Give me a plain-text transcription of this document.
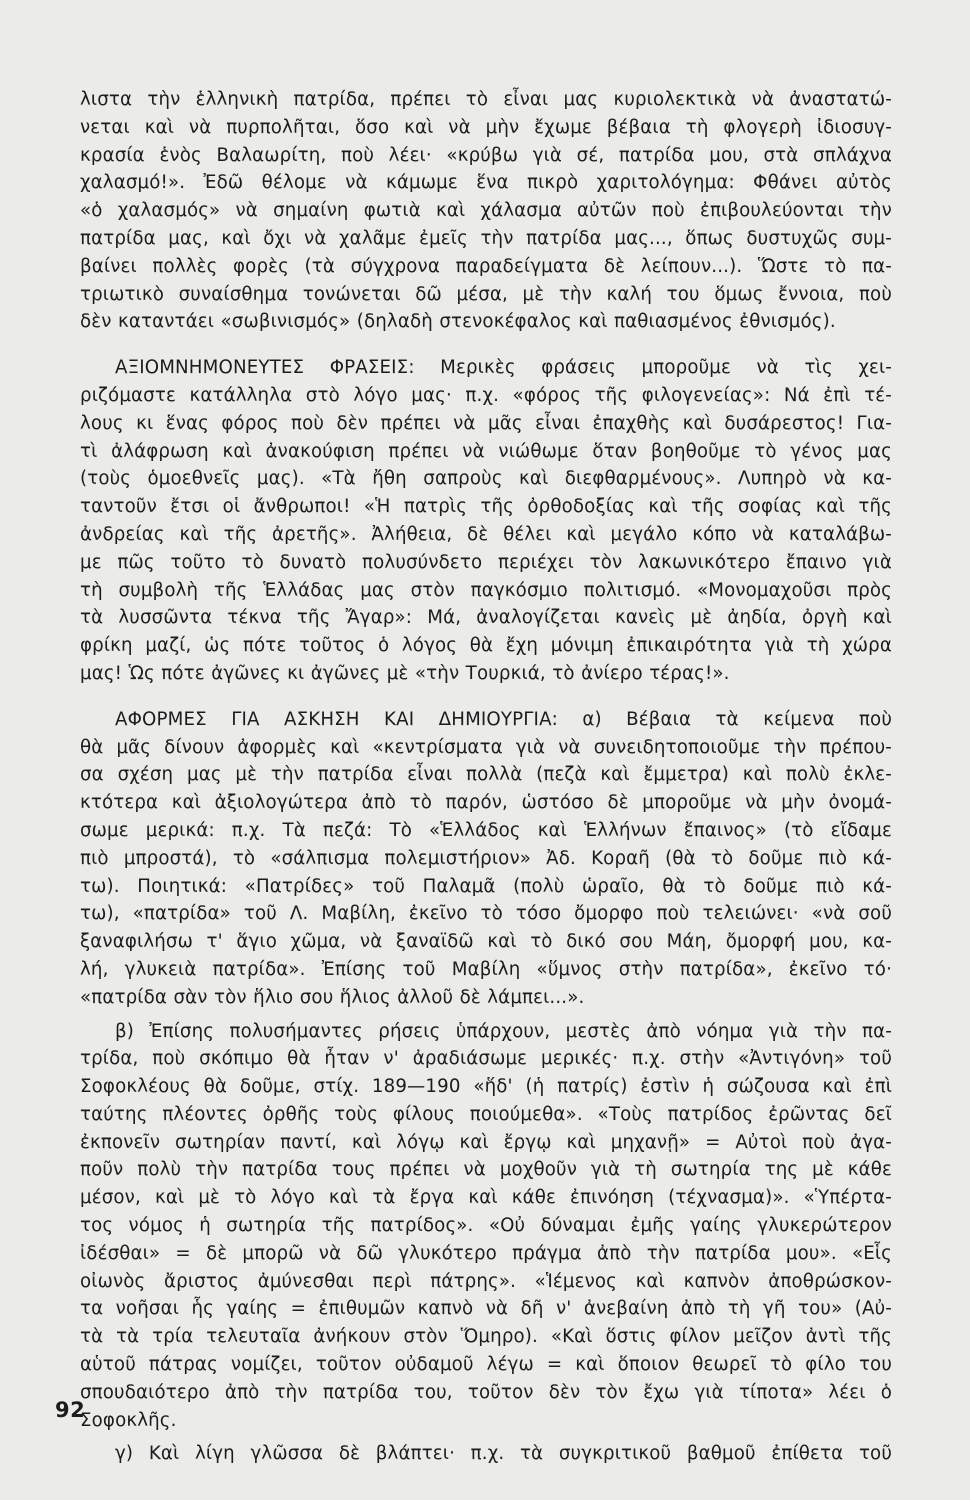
λιστα τὴν ἑλληνικὴ πατρίδα, πρέπει τὸ εἶναι μας κυριολεκτικὰ νὰ ἀναστατώ-
νεται καὶ νὰ πυρπολῆται, ὅσο καὶ νὰ μὴν ἔχωμε βέβαια τὴ φλογερὴ ἰδιοσυγ-
κρασία ἑνὸς Βαλαωρίτη, ποὺ λέει· «κρύβω γιὰ σέ, πατρίδα μου, στὰ σπλάχνα
χαλασμό!». Ἐδῶ θέλομε νὰ κάμωμε ἕνα πικρὸ χαριτολόγημα: Φθάνει αὐτὸς
«ὁ χαλασμός» νὰ σημαίνη φωτιὰ καὶ χάλασμα αὐτῶν ποὺ ἐπιβουλεύονται τὴν
πατρίδα μας, καὶ ὄχι νὰ χαλᾶμε ἐμεῖς τὴν πατρίδα μας..., ὅπως δυστυχῶς συμ-
βαίνει πολλὲς φορὲς (τὰ σύγχρονα παραδείγματα δὲ λείπουν...). Ὥστε τὸ πα-
τριωτικὸ συναίσθημα τονώνεται δῶ μέσα, μὲ τὴν καλή του ὅμως ἔννοια, ποὺ
δὲν καταντάει «σωβινισμός» (δηλαδὴ στενοκέφαλος καὶ παθιασμένος ἐθνισμός).
ΑΞΙΟΜΝΗΜΟΝΕΥΤΕΣ ΦΡΑΣΕΙΣ: Μερικὲς φράσεις μποροῦμε νὰ τὶς χει-
ριζόμαστε κατάλληλα στὸ λόγο μας· π.χ. «φόρος τῆς φιλογενείας»: Νά ἐπὶ τέ-
λους κι ἕνας φόρος ποὺ δὲν πρέπει νὰ μᾶς εἶναι ἐπαχθὴς καὶ δυσάρεστος! Για-
τὶ ἀλάφρωση καὶ ἀνακούφιση πρέπει νὰ νιώθωμε ὅταν βοηθοῦμε τὸ γένος μας
(τοὺς ὁμοεθνεῖς μας). «Τὰ ἤθη σαπροὺς καὶ διεφθαρμένους». Λυπηρὸ νὰ κα-
ταντοῦν ἔτσι οἱ ἄνθρωποι! «Ἡ πατρὶς τῆς ὀρθοδοξίας καὶ τῆς σοφίας καὶ τῆς
ἀνδρείας καὶ τῆς ἀρετῆς». Ἀλήθεια, δὲ θέλει καὶ μεγάλο κόπο νὰ καταλάβω-
με πῶς τοῦτο τὸ δυνατὸ πολυσύνδετο περιέχει τὸν λακωνικότερο ἔπαινο γιὰ
τὴ συμβολὴ τῆς Ἑλλάδας μας στὸν παγκόσμιο πολιτισμό. «Μονομαχοῦσι πρὸς
τὰ λυσσῶντα τέκνα τῆς Ἄγαρ»: Μά, ἀναλογίζεται κανεὶς μὲ ἀηδία, ὀργὴ καὶ
φρίκη μαζί, ὡς πότε τοῦτος ὁ λόγος θὰ ἔχη μόνιμη ἐπικαιρότητα γιὰ τὴ χώρα
μας! Ὡς πότε ἀγῶνες κι ἀγῶνες μὲ «τὴν Τουρκιά, τὸ ἀνίερο τέρας!».
ΑΦΟΡΜΕΣ ΓΙΑ ΑΣΚΗΣΗ ΚΑΙ ΔΗΜΙΟΥΡΓΙΑ: α) Βέβαια τὰ κείμενα ποὺ
θὰ μᾶς δίνουν ἀφορμὲς καὶ «κεντρίσματα γιὰ νὰ συνειδητοποιοῦμε τὴν πρέπου-
σα σχέση μας μὲ τὴν πατρίδα εἶναι πολλὰ (πεζὰ καὶ ἔμμετρα) καὶ πολὺ ἐκλε-
κτότερα καὶ ἀξιολογώτερα ἀπὸ τὸ παρόν, ὡστόσο δὲ μποροῦμε νὰ μὴν ὀνομά-
σωμε μερικά: π.χ. Τὰ πεζά: Τὸ «Ἑλλάδος καὶ Ἑλλήνων ἔπαινος» (τὸ εἴδαμε
πιὸ μπροστά), τὸ «σάλπισμα πολεμιστήριον» Ἀδ. Κοραῆ (θὰ τὸ δοῦμε πιὸ κά-
τω). Ποιητικά: «Πατρίδες» τοῦ Παλαμᾶ (πολὺ ὡραῖο, θὰ τὸ δοῦμε πιὸ κά-
τω), «πατρίδα» τοῦ Λ. Μαβίλη, ἐκεῖνο τὸ τόσο ὄμορφο ποὺ τελειώνει· «νὰ σοῦ
ξαναφιλήσω τ' ἅγιο χῶμα, νὰ ξαναϊδῶ καὶ τὸ δικό σου Μάη, ὄμορφή μου, κα-
λή, γλυκειὰ πατρίδα». Ἐπίσης τοῦ Μαβίλη «ὕμνος στὴν πατρίδα», ἐκεῖνο τό·
«πατρίδα σὰν τὸν ἥλιο σου ἥλιος ἀλλοῦ δὲ λάμπει...».
β) Ἐπίσης πολυσήμαντες ρήσεις ὑπάρχουν, μεστὲς ἀπὸ νόημα γιὰ τὴν πα-
τρίδα, ποὺ σκόπιμο θὰ ἦταν ν' ἀραδιάσωμε μερικές· π.χ. στὴν «Ἀντιγόνη» τοῦ
Σοφοκλέους θὰ δοῦμε, στίχ. 189—190 «ἥδ' (ἡ πατρίς) ἐστὶν ἡ σώζουσα καὶ ἐπὶ
ταύτης πλέοντες ὀρθῆς τοὺς φίλους ποιούμεθα». «Τοὺς πατρίδος ἐρῶντας δεῖ
ἐκπονεῖν σωτηρίαν παντί, καὶ λόγῳ καὶ ἔργῳ καὶ μηχανῇ» = Αὐτοὶ ποὺ ἀγα-
ποῦν πολὺ τὴν πατρίδα τους πρέπει νὰ μοχθοῦν γιὰ τὴ σωτηρία της μὲ κάθε
μέσον, καὶ μὲ τὸ λόγο καὶ τὰ ἔργα καὶ κάθε ἐπινόηση (τέχνασμα)». «Ὑπέρτα-
τος νόμος ἡ σωτηρία τῆς πατρίδος». «Οὐ δύναμαι ἐμῆς γαίης γλυκερώτερον
ἰδέσθαι» = δὲ μπορῶ νὰ δῶ γλυκότερο πράγμα ἀπὸ τὴν πατρίδα μου». «Εἷς
οἰωνὸς ἄριστος ἀμύνεσθαι περὶ πάτρης». «Ἱέμενος καὶ καπνὸν ἀποθρώσκον-
τα νοῆσαι ἧς γαίης = ἐπιθυμῶν καπνὸ νὰ δῆ ν' ἀνεβαίνη ἀπὸ τὴ γῆ του» (Αὐ-
τὰ τὰ τρία τελευταῖα ἀνήκουν στὸν Ὅμηρο). «Καὶ ὅστις φίλον μεῖζον ἀντὶ τῆς
αὑτοῦ πάτρας νομίζει, τοῦτον οὐδαμοῦ λέγω = καὶ ὅποιον θεωρεῖ τὸ φίλο του
σπουδαιότερο ἀπὸ τὴν πατρίδα του, τοῦτον δὲν τὸν ἔχω γιὰ τίποτα» λέει ὁ
Σοφοκλῆς.
γ) Καὶ λίγη γλῶσσα δὲ βλάπτει· π.χ. τὰ συγκριτικοῦ βαθμοῦ ἐπίθετα τοῦ
92
